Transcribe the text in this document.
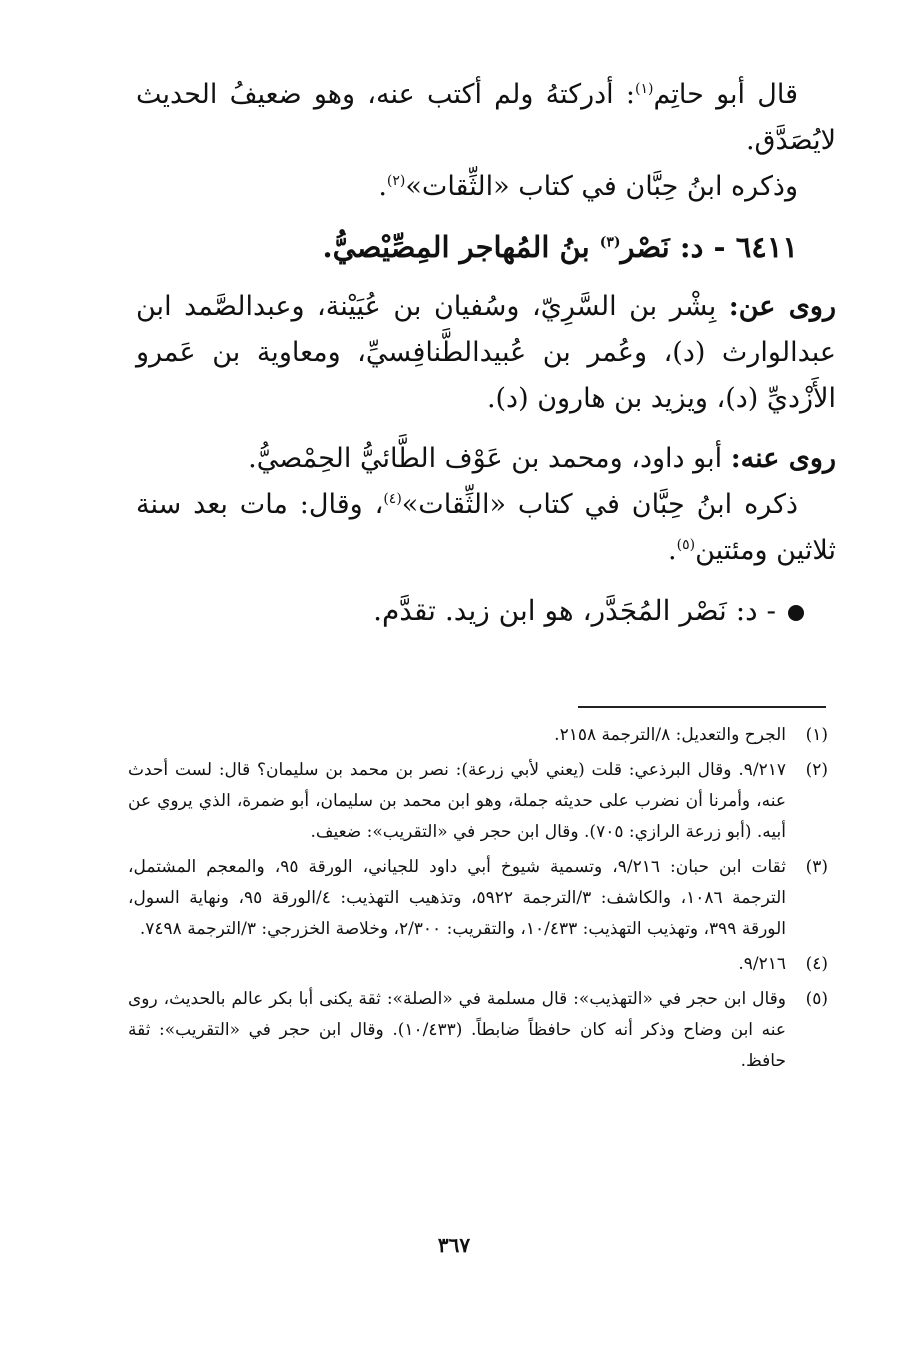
قال أبو حاتِم$^{(١)}$: أدركتهُ ولم أكتب عنه، وهو ضعيفُ الحديث لايُصَدَّق.

وذكره ابنُ حِبَّان في كتاب «الثِّقات»$^{(٢)}$.

٦٤١١ - د: نَصْر$^{(٣)}$ بنُ المُهاجر المِصِّيْصيُّ.

روى عن: بِشْر بن السَّرِيّ، وسُفيان بن عُيَيْنة، وعبدالصَّمد ابن عبدالوارث (د)، وعُمر بن عُبيدالطَّنافِسيِّ، ومعاوية بن عَمرو الأَزْديِّ (د)، ويزيد بن هارون (د).

روى عنه: أبو داود، ومحمد بن عَوْف الطَّائيُّ الحِمْصيُّ.

ذكره ابنُ حِبَّان في كتاب «الثِّقات»$^{(٤)}$، وقال: مات بعد سنة ثلاثين ومئتين$^{(٥)}$.

- د: نَصْر المُجَدَّر، هو ابن زيد. تقدَّم.

(١)
الجرح والتعديل: ٨/الترجمة ٢١٥٨.
(٢)
٩/٢١٧. وقال البرذعي: قلت (يعني لأبي زرعة): نصر بن محمد بن سليمان؟ قال: لست أحدث عنه، وأمرنا أن نضرب على حديثه جملة، وهو ابن محمد بن سليمان، أبو ضمرة، الذي يروي عن أبيه. (أبو زرعة الرازي: ٧٠٥). وقال ابن حجر في «التقريب»: ضعيف.
(٣)
ثقات ابن حبان: ٩/٢١٦، وتسمية شيوخ أبي داود للجياني، الورقة ٩٥، والمعجم المشتمل، الترجمة ١٠٨٦، والكاشف: ٣/الترجمة ٥٩٢٢، وتذهيب التهذيب: ٤/الورقة ٩٥، ونهاية السول، الورقة ٣٩٩، وتهذيب التهذيب: ١٠/٤٣٣، والتقريب: ٢/٣٠٠، وخلاصة الخزرجي: ٣/الترجمة ٧٤٩٨.
(٤)
٩/٢١٦.
(٥)
وقال ابن حجر في «التهذيب»: قال مسلمة في «الصلة»: ثقة يكنى أبا بكر عالم بالحديث، روى عنه ابن وضاح وذكر أنه كان حافظاً ضابطاً. (١٠/٤٣٣). وقال ابن حجر في «التقريب»: ثقة حافظ.
٣٦٧
